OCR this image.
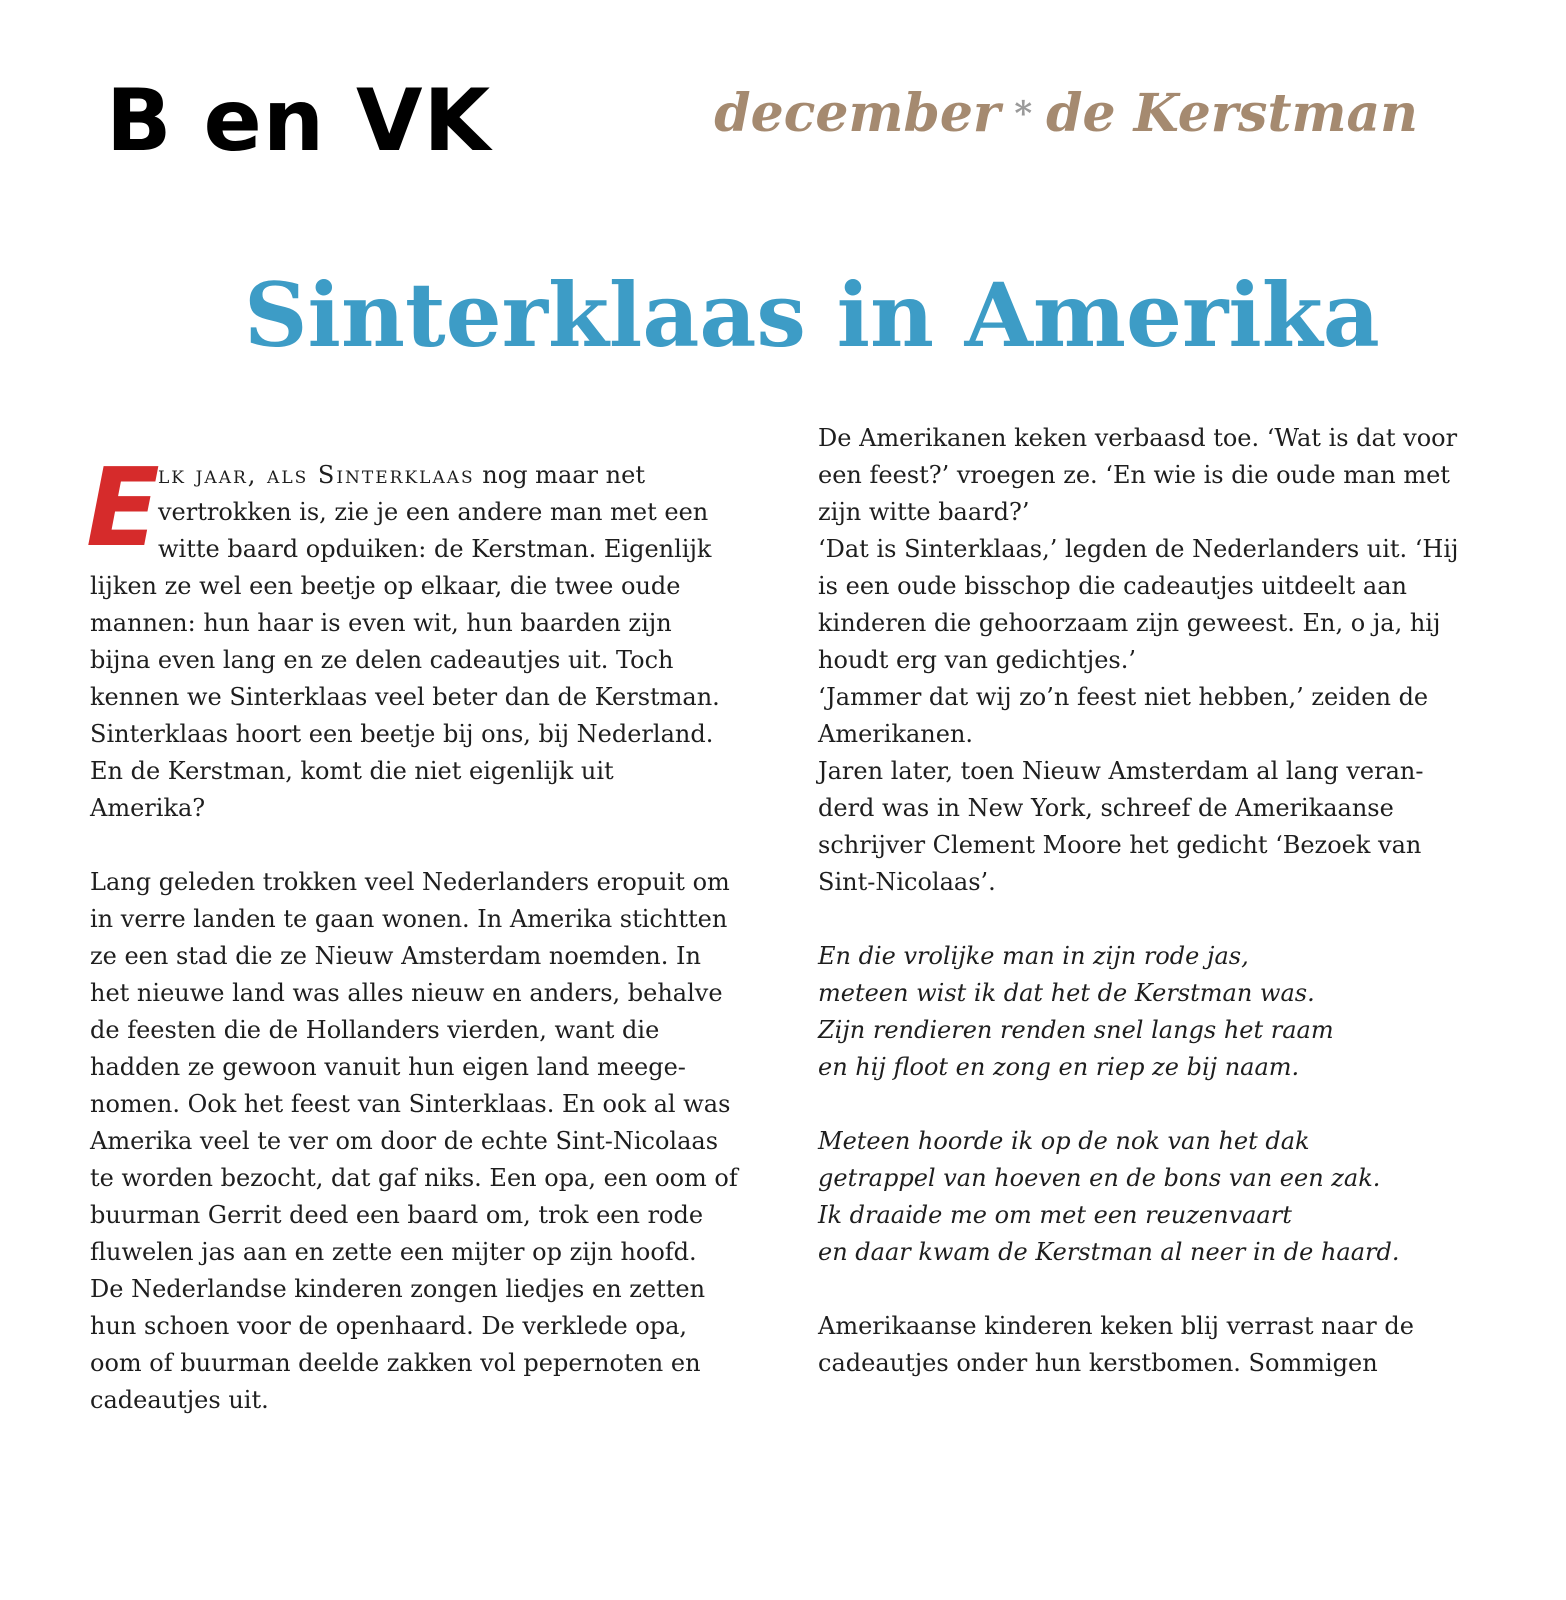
B en VK	december * de Kerstman
Sinterklaas in Amerika

E
lk jaar, als Sinterklaas nog maar net
vertrokken is, zie je een andere man met een
witte baard opduiken: de Kerstman. Eigenlijk
lijken ze wel een beetje op elkaar, die twee oude
mannen: hun haar is even wit, hun baarden zijn
bijna even lang en ze delen cadeautjes uit. Toch
kennen we Sinterklaas veel beter dan de Kerstman.
Sinterklaas hoort een beetje bij ons, bij Nederland.
En de Kerstman, komt die niet eigenlijk uit
Amerika?

Lang geleden trokken veel Nederlanders eropuit om
in verre landen te gaan wonen. In Amerika stichtten
ze een stad die ze Nieuw Amsterdam noemden. In
het nieuwe land was alles nieuw en anders, behalve
de feesten die de Hollanders vierden, want die
hadden ze gewoon vanuit hun eigen land meege-
nomen. Ook het feest van Sinterklaas. En ook al was
Amerika veel te ver om door de echte Sint-Nicolaas
te worden bezocht, dat gaf niks. Een opa, een oom of
buurman Gerrit deed een baard om, trok een rode
fluwelen jas aan en zette een mijter op zijn hoofd.
De Nederlandse kinderen zongen liedjes en zetten
hun schoen voor de openhaard. De verklede opa,
oom of buurman deelde zakken vol pepernoten en
cadeautjes uit.

De Amerikanen keken verbaasd toe. ‘Wat is dat voor
een feest?’ vroegen ze. ‘En wie is die oude man met
zijn witte baard?’
‘Dat is Sinterklaas,’ legden de Nederlanders uit. ‘Hij
is een oude bisschop die cadeautjes uitdeelt aan
kinderen die gehoorzaam zijn geweest. En, o ja, hij
houdt erg van gedichtjes.’
‘Jammer dat wij zo’n feest niet hebben,’ zeiden de
Amerikanen.
Jaren later, toen Nieuw Amsterdam al lang veran-
derd was in New York, schreef de Amerikaanse
schrijver Clement Moore het gedicht ‘Bezoek van
Sint-Nicolaas’.

En die vrolijke man in zijn rode jas,
meteen wist ik dat het de Kerstman was.
Zijn rendieren renden snel langs het raam
en hij floot en zong en riep ze bij naam.

Meteen hoorde ik op de nok van het dak
getrappel van hoeven en de bons van een zak.
Ik draaide me om met een reuzenvaart
en daar kwam de Kerstman al neer in de haard.

Amerikaanse kinderen keken blij verrast naar de
cadeautjes onder hun kerstbomen. Sommigen
